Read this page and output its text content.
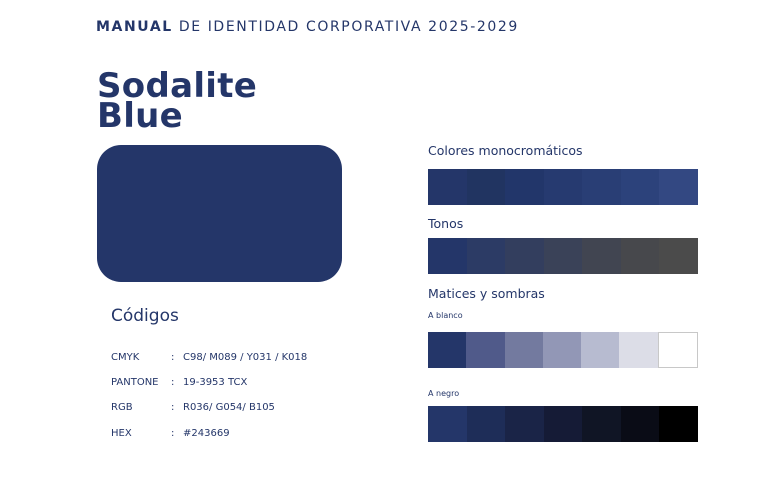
MANUAL DE IDENTIDAD CORPORATIVA 2025-2029
Sodalite
Blue
Códigos
CMYK	: C98/ M089 / Y031 / K018
PANTONE	: 19-3953 TCX
RGB	: R036/ G054/ B105
HEX	: #243669
Colores monocromáticos
Tonos
Matices y sombras
A blanco
A negro
